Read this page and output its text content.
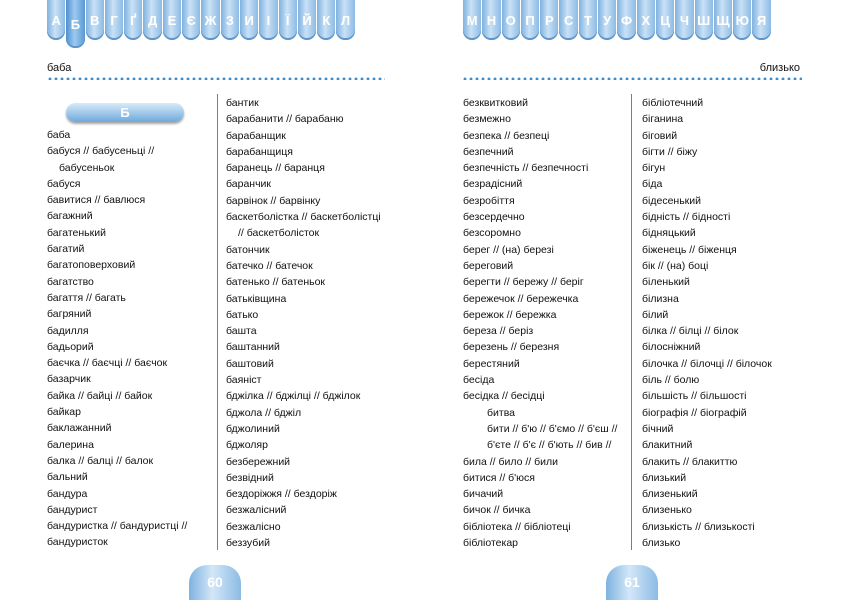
А Б В Г Ґ Д Е Є Ж З И І	Ї Й К Л	М Н О П Р С Т У Ф Х Ц Ч Ш Щ Ю Я
баба	близько
Б
баба
бабуся // бабусеньці //
бабусеньок
бабуся
бавитися // бавлюся
багажний
багатенький
багатий
багатоповерховий
багатство
багаття // багать
багряний
бадилля
бадьорий
баєчка // баєчці // баєчок
базарчик
байка // байці // байок
байкар
баклажанний
балерина
балка // балці // балок
бальний
бандура
бандурист
бандуристка // бандуристці //
бандуристок
бантик
барабанити // барабаню
барабанщик
барабанщиця
баранець // баранця
баранчик
барвінок // барвінку
баскетболістка // баскетболістці
// баскетболісток
батончик
батечко // батечок
батенько // батеньок
батьківщина
батько
башта
баштанний
баштовий
баяніст
бджілка // бджілці // бджілок
бджола // бджіл
бджолиний
бджоляр
безбережний
безвідний
бездоріжжя // бездоріж
безжалісний
безжалісно
беззубий
безквитковий
безмежно
безпека // безпеці
безпечний
безпечність // безпечності
безрадісний
безробіття
безсердечно
безсоромно
берег // (на) березі
береговий
берегти // бережу // беріг
бережечок // бережечка
бережок // бережка
береза // беріз
березень // березня
берестяний
бесіда
бесідка // бесідці
битва
бити // б'ю // б'ємо // б'єш //
б'єте // б'є // б'ють // бив //
била // било // били
битися // б'юся
бичачий
бичок // бичка
бібліотека // бібліотеці
бібліотекар
бібліотечний
біганина
біговий
бігти // біжу
бігун
біда
бідесенький
бідність // бідності
бідняцький
біженець // біженця
бік // (на) боці
біленький
білизна
білий
білка // білці // білок
білосніжний
білочка // білочці // білочок
біль // болю
більшість // більшості
біографія // біографій
бічний
блакитний
блакить // блакиттю
близький
близенький
близенько
близькість // близькості
близько
60	61
